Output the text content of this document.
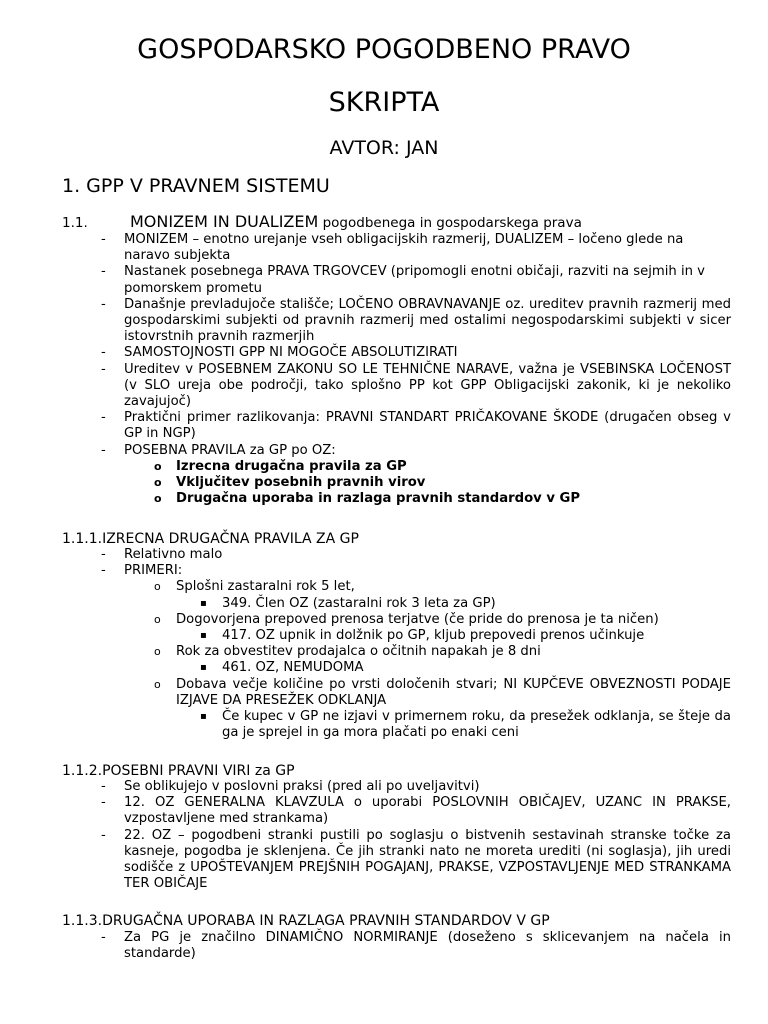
GOSPODARSKO POGODBENO PRAVO
SKRIPTA
AVTOR: JAN
1. GPP V PRAVNEM SISTEMU
1.1.	MONIZEM IN DUALIZEM pogodbenega in gospodarskega prava
- MONIZEM – enotno urejanje vseh obligacijskih razmerij, DUALIZEM – ločeno glede na naravo subjekta
- Nastanek posebnega PRAVA TRGOVCEV (pripomogli enotni običaji, razviti na sejmih in v pomorskem prometu
- Današnje prevladujoče stališče; LOČENO OBRAVNAVANJE oz. ureditev pravnih razmerij med gospodarskimi subjekti od pravnih razmerij med ostalimi negospodarskimi subjekti v sicer istovrstnih pravnih razmerjih
- SAMOSTOJNOSTI GPP NI MOGOČE ABSOLUTIZIRATI
- Ureditev v POSEBNEM ZAKONU SO LE TEHNIČNE NARAVE, važna je VSEBINSKA LOČENOST (v SLO ureja obe področji, tako splošno PP kot GPP Obligacijski zakonik, ki je nekoliko zavajujoč)
- Praktični primer razlikovanja: PRAVNI STANDART PRIČAKOVANE ŠKODE (drugačen obseg v GP in NGP)
- POSEBNA PRAVILA za GP po OZ:
o Izrecna drugačna pravila za GP
o Vključitev posebnih pravnih virov
o Drugačna uporaba in razlaga pravnih standardov v GP
1.1.1.IZRECNA DRUGAČNA PRAVILA ZA GP
- Relativno malo
- PRIMERI:
o Splošni zastaralni rok 5 let,
▪ 349. Člen OZ (zastaralni rok 3 leta za GP)
o Dogovorjena prepoved prenosa terjatve (če pride do prenosa je ta ničen)
▪ 417. OZ upnik in dolžnik po GP, kljub prepovedi prenos učinkuje
o Rok za obvestitev prodajalca o očitnih napakah je 8 dni
▪ 461. OZ, NEMUDOMA
o Dobava večje količine po vrsti določenih stvari; NI KUPČEVE OBVEZNOSTI PODAJE IZJAVE DA PRESEŽEK ODKLANJA
▪ Če kupec v GP ne izjavi v primernem roku, da presežek odklanja, se šteje da ga je sprejel in ga mora plačati po enaki ceni
1.1.2.POSEBNI PRAVNI VIRI za GP
- Se oblikujejo v poslovni praksi (pred ali po uveljavitvi)
- 12. OZ GENERALNA KLAVZULA o uporabi POSLOVNIH OBIČAJEV, UZANC IN PRAKSE, vzpostavljene med strankama)
- 22. OZ – pogodbeni stranki pustili po soglasju o bistvenih sestavinah stranske točke za kasneje, pogodba je sklenjena. Če jih stranki nato ne moreta urediti (ni soglasja), jih uredi sodišče z UPOŠTEVANJEM PREJŠNIH POGAJANJ, PRAKSE, VZPOSTAVLJENJE MED STRANKAMA TER OBIČAJE
1.1.3.DRUGAČNA UPORABA IN RAZLAGA PRAVNIH STANDARDOV V GP
- Za PG je značilno DINAMIČNO NORMIRANJE (doseženo s sklicevanjem na načela in standarde)
